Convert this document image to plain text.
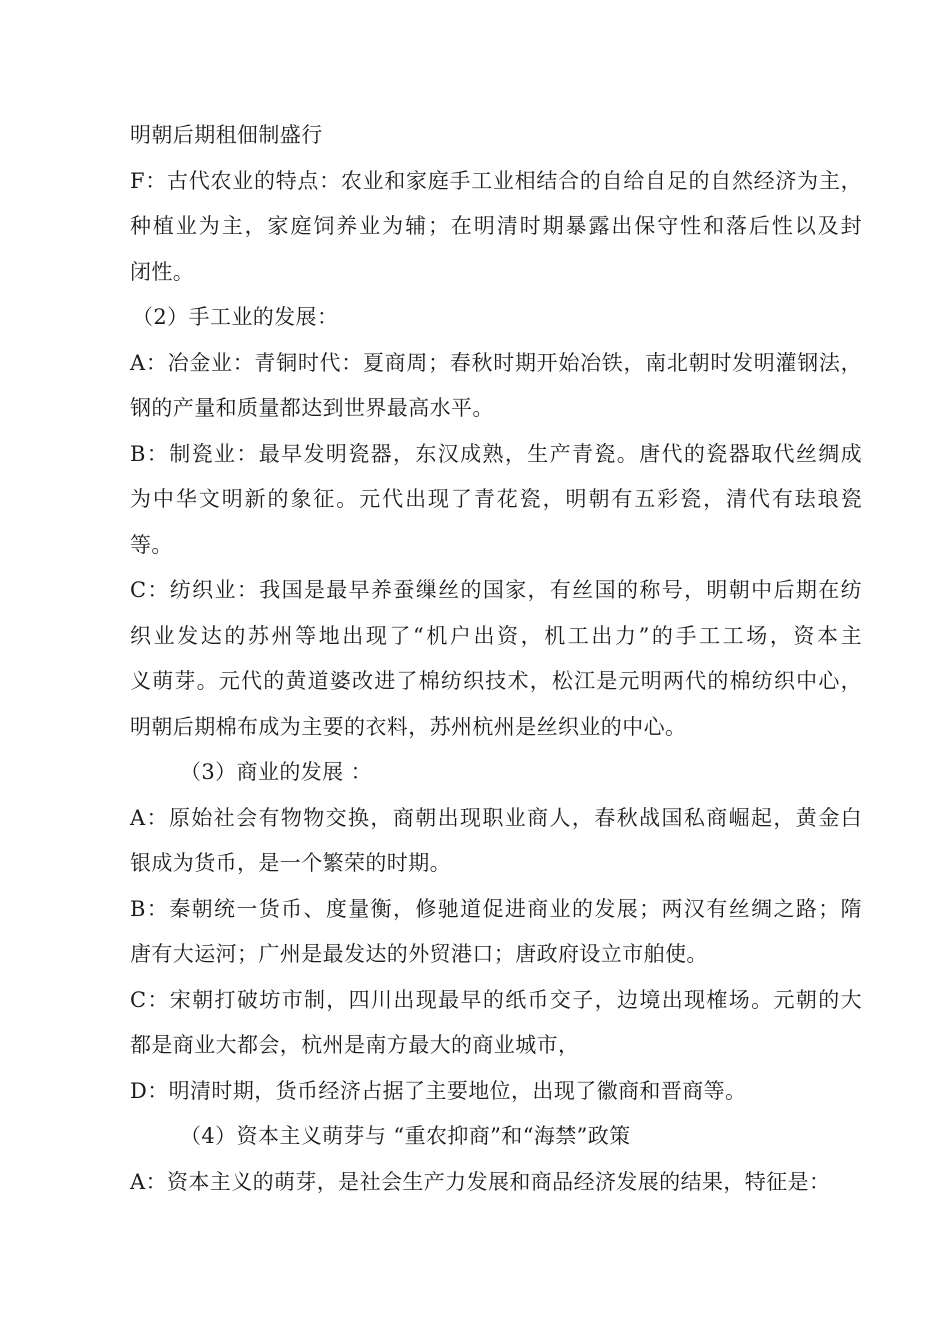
明朝后期租佃制盛行
F：古代农业的特点：农业和家庭手工业相结合的自给自足的自然经济为主，
种植业为主，家庭饲养业为辅；在明清时期暴露出保守性和落后性以及封
闭性。
（2）手工业的发展：
A：冶金业：青铜时代：夏商周；春秋时期开始冶铁，南北朝时发明灌钢法，
钢的产量和质量都达到世界最高水平。
B：制瓷业：最早发明瓷器，东汉成熟，生产青瓷。唐代的瓷器取代丝绸成
为中华文明新的象征。元代出现了青花瓷，明朝有五彩瓷，清代有珐琅瓷
等。
C：纺织业：我国是最早养蚕缫丝的国家，有丝国的称号，明朝中后期在纺
织业发达的苏州等地出现了“机户出资，机工出力”的手工工场，资本主
义萌芽。元代的黄道婆改进了棉纺织技术，松江是元明两代的棉纺织中心，
明朝后期棉布成为主要的衣料，苏州杭州是丝织业的中心。
（3）商业的发展 ：
A：原始社会有物物交换，商朝出现职业商人，春秋战国私商崛起，黄金白
银成为货币，是一个繁荣的时期。
B：秦朝统一货币、度量衡，修驰道促进商业的发展；两汉有丝绸之路；隋
唐有大运河；广州是最发达的外贸港口；唐政府设立市舶使。
C：宋朝打破坊市制，四川出现最早的纸币交子，边境出现榷场。元朝的大
都是商业大都会，杭州是南方最大的商业城市，
D：明清时期，货币经济占据了主要地位，出现了徽商和晋商等。
（4）资本主义萌芽与 “重农抑商”和“海禁”政策
A：资本主义的萌芽，是社会生产力发展和商品经济发展的结果，特征是：
